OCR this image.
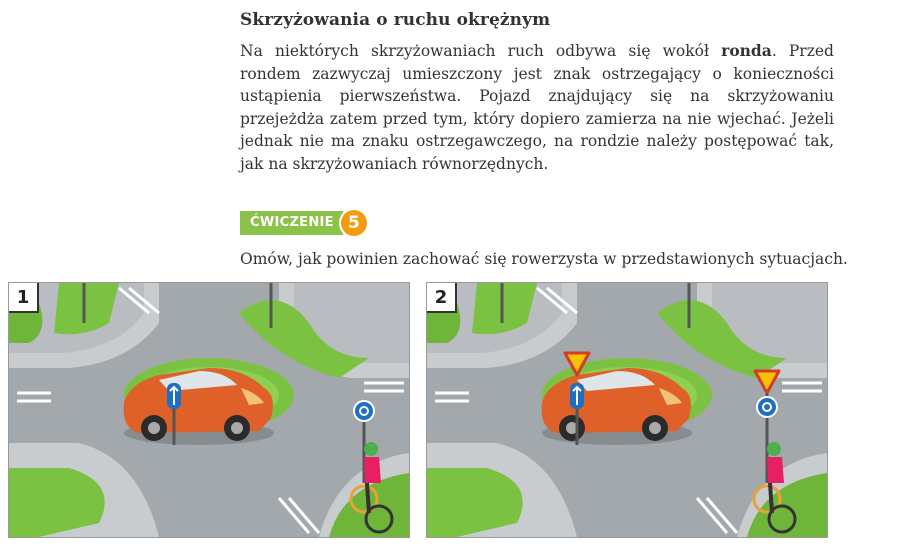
Skrzyżowania o ruchu okrężnym
Na niektórych skrzyżowaniach ruch odbywa się wokół ronda. Przed rondem zazwyczaj umieszczony jest znak ostrzegający o konieczności ustąpienia pierwszeństwa. Pojazd znajdujący się na skrzyżowaniu przejeżdża zatem przed tym, który dopiero zamierza na nie wjechać. Jeżeli jednak nie ma znaku ostrzegawczego, na rondzie należy postępować tak, jak na skrzyżowaniach równorzędnych.
ĆWICZENIE 5
Omów, jak powinien zachować się rowerzysta w przedstawionych sytuacjach.
1	2
